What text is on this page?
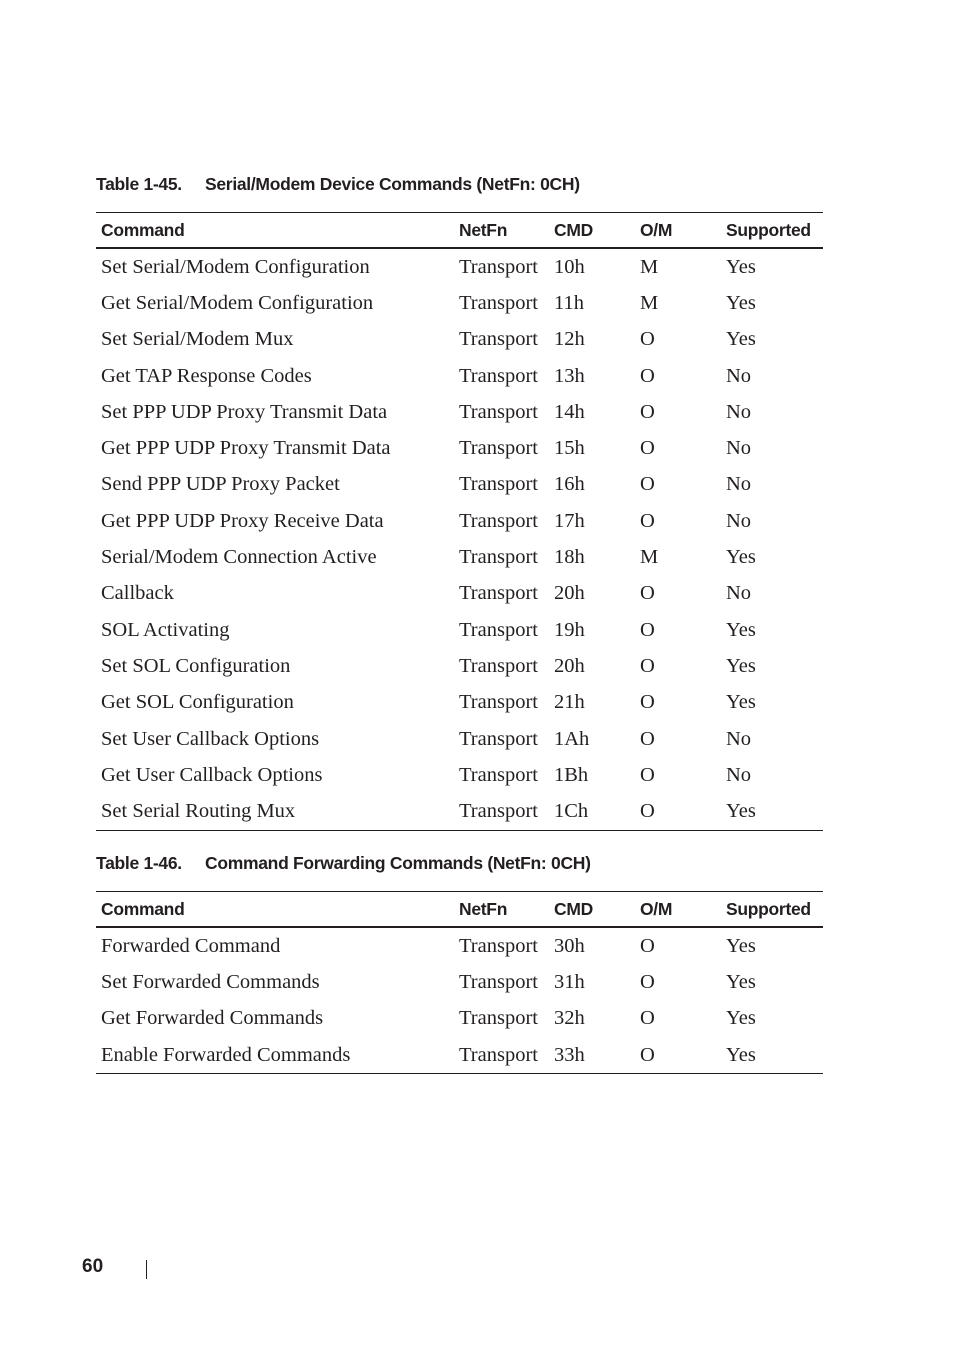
Table 1-45. Serial/Modem Device Commands (NetFn: 0CH)
Command	NetFn	CMD	O/M	Supported
Set Serial/Modem Configuration	Transport	10h	M	Yes
Get Serial/Modem Configuration	Transport	11h	M	Yes
Set Serial/Modem Mux	Transport	12h	O	Yes
Get TAP Response Codes	Transport	13h	O	No
Set PPP UDP Proxy Transmit Data	Transport	14h	O	No
Get PPP UDP Proxy Transmit Data	Transport	15h	O	No
Send PPP UDP Proxy Packet	Transport	16h	O	No
Get PPP UDP Proxy Receive Data	Transport	17h	O	No
Serial/Modem Connection Active	Transport	18h	M	Yes
Callback	Transport	20h	O	No
SOL Activating	Transport	19h	O	Yes
Set SOL Configuration	Transport	20h	O	Yes
Get SOL Configuration	Transport	21h	O	Yes
Set User Callback Options	Transport	1Ah	O	No
Get User Callback Options	Transport	1Bh	O	No
Set Serial Routing Mux	Transport	1Ch	O	Yes
Table 1-46. Command Forwarding Commands (NetFn: 0CH)
Command	NetFn	CMD	O/M	Supported
Forwarded Command	Transport	30h	O	Yes
Set Forwarded Commands	Transport	31h	O	Yes
Get Forwarded Commands	Transport	32h	O	Yes
Enable Forwarded Commands	Transport	33h	O	Yes
60
